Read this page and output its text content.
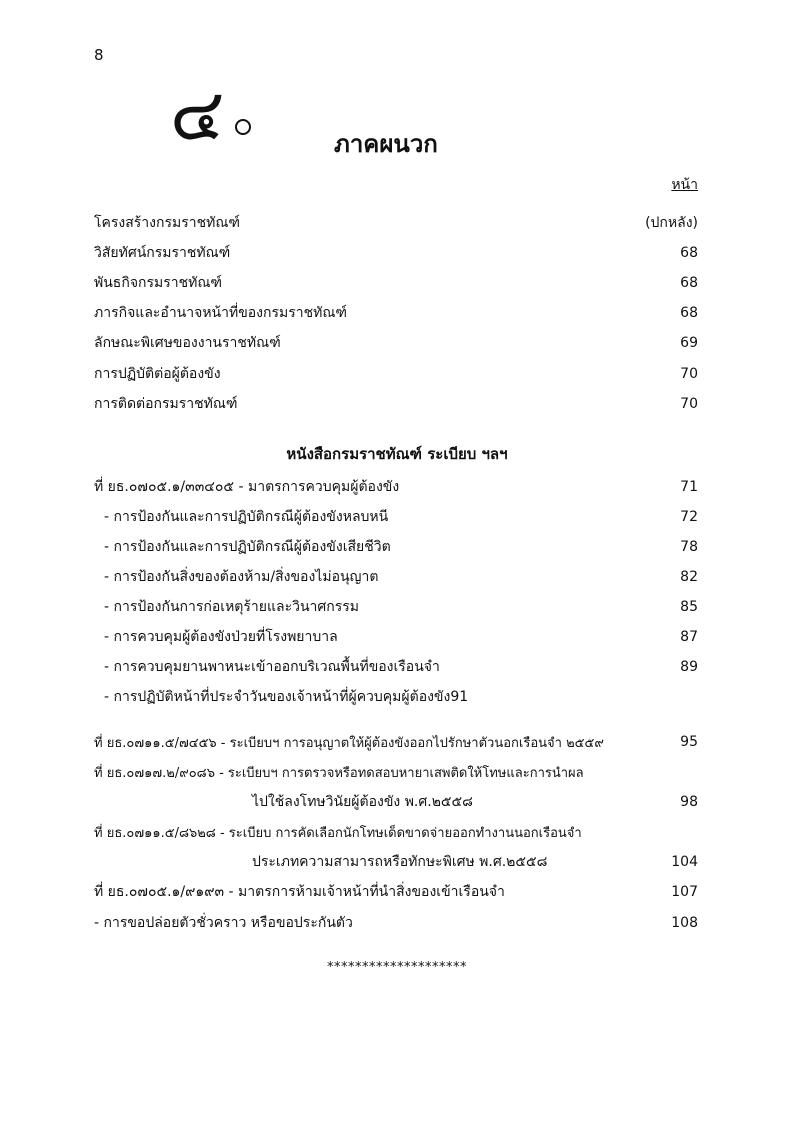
8
๔	ภาคผนวก
หน้า
โครงสร้างกรมราชทัณฑ์	(ปกหลัง)
วิสัยทัศน์กรมราชทัณฑ์	68
พันธกิจกรมราชทัณฑ์	68
ภารกิจและอำนาจหน้าที่ของกรมราชทัณฑ์	68
ลักษณะพิเศษของงานราชทัณฑ์	69
การปฏิบัติต่อผู้ต้องขัง	70
การติดต่อกรมราชทัณฑ์	70
หนังสือกรมราชทัณฑ์ ระเบียบ ฯลฯ
ที่ ยธ.๐๗๐๕.๑/๓๓๔๐๕ - มาตรการควบคุมผู้ต้องขัง	71
- การป้องกันและการปฏิบัติกรณีผู้ต้องขังหลบหนี	72
- การป้องกันและการปฏิบัติกรณีผู้ต้องขังเสียชีวิต	78
- การป้องกันสิ่งของต้องห้าม/สิ่งของไม่อนุญาต	82
- การป้องกันการก่อเหตุร้ายและวินาศกรรม	85
- การควบคุมผู้ต้องขังป่วยที่โรงพยาบาล	87
- การควบคุมยานพาหนะเข้าออกบริเวณพื้นที่ของเรือนจำ	89
- การปฏิบัติหน้าที่ประจำวันของเจ้าหน้าที่ผู้ควบคุมผู้ต้องขัง91
ที่ ยธ.๐๗๑๑.๕/๗๔๕๖ - ระเบียบฯ การอนุญาตให้ผู้ต้องขังออกไปรักษาตัวนอกเรือนจำ ๒๕๕๙	95
ที่ ยธ.๐๗๑๗.๒/๙๐๘๖ - ระเบียบฯ การตรวจหรือทดสอบหายาเสพติดให้โทษและการนำผล
ไปใช้ลงโทษวินัยผู้ต้องขัง พ.ศ.๒๕๕๘	98
ที่ ยธ.๐๗๑๑.๕/๘๖๒๘ - ระเบียบ การคัดเลือกนักโทษเด็ดขาดจ่ายออกทำงานนอกเรือนจำ
ประเภทความสามารถหรือทักษะพิเศษ พ.ศ.๒๕๕๘	104
ที่ ยธ.๐๗๐๕.๑/๙๑๙๓ - มาตรการห้ามเจ้าหน้าที่นำสิ่งของเข้าเรือนจำ	107
- การขอปล่อยตัวชั่วคราว หรือขอประกันตัว	108
********************
